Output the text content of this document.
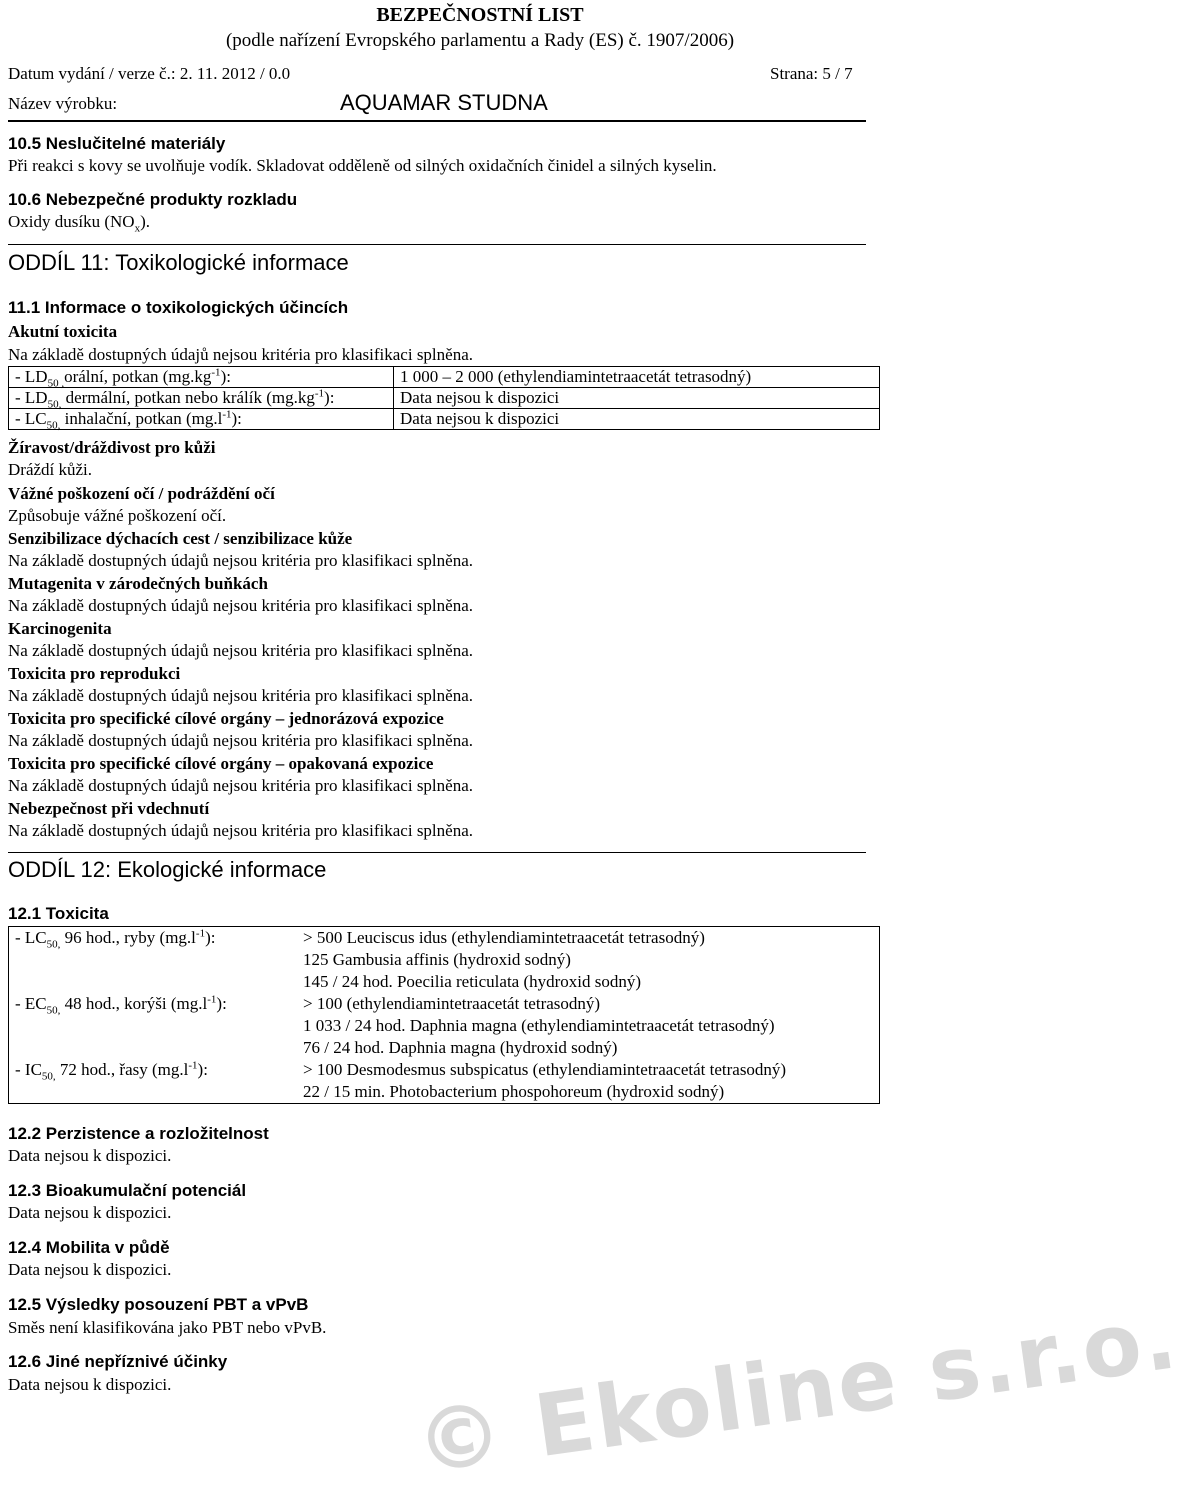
BEZPEČNOSTNÍ LIST
(podle nařízení Evropského parlamentu a Rady (ES) č. 1907/2006)
Datum vydání / verze č.: 2. 11. 2012 / 0.0	Strana: 5 / 7
Název výrobku:	AQUAMAR STUDNA
10.5 Neslučitelné materiály
Při reakci s kovy se uvolňuje vodík. Skladovat odděleně od silných oxidačních činidel a silných kyselin.
10.6 Nebezpečné produkty rozkladu
Oxidy dusíku $(NO_x)$.
ODDÍL 11: Toxikologické informace
11.1 Informace o toxikologických účincích
Akutní toxicita
Na základě dostupných údajů nejsou kritéria pro klasifikaci splněna.
- $LD_{50 ,}orá\ln í$, potkan $(mg.kg^{-1})$:	1 000 – 2 000 (ethylendiamintetraacetát tetrasodný)
- $LD_{50,}$ dermální, potkan nebo králík $(mg.kg^{-1})$:	Data nejsou k dispozici
- $LC_{50,}$ inhalační, potkan $(mg.l^{-1})$:	Data nejsou k dispozici
Žíravost/dráždivost pro kůži
Dráždí kůži.
Vážné poškození očí / podráždění očí
Způsobuje vážné poškození očí.
Senzibilizace dýchacích cest / senzibilizace kůže
Na základě dostupných údajů nejsou kritéria pro klasifikaci splněna.
Mutagenita v zárodečných buňkách
Na základě dostupných údajů nejsou kritéria pro klasifikaci splněna.
Karcinogenita
Na základě dostupných údajů nejsou kritéria pro klasifikaci splněna.
Toxicita pro reprodukci
Na základě dostupných údajů nejsou kritéria pro klasifikaci splněna.
Toxicita pro specifické cílové orgány – jednorázová expozice
Na základě dostupných údajů nejsou kritéria pro klasifikaci splněna.
Toxicita pro specifické cílové orgány – opakovaná expozice
Na základě dostupných údajů nejsou kritéria pro klasifikaci splněna.
Nebezpečnost při vdechnutí
Na základě dostupných údajů nejsou kritéria pro klasifikaci splněna.
ODDÍL 12: Ekologické informace
12.1 Toxicita
- $LC_{50,}$ 96 hod., ryby $(mg.l^{-1})$:	> 500 Leuciscus idus (ethylendiamintetraacetát tetrasodný)
125 Gambusia affinis (hydroxid sodný)
145 / 24 hod. Poecilia reticulata (hydroxid sodný)

- $EC_{50,}$ 48 hod., korýši $(mg.l^{-1})$:	> 100 (ethylendiamintetraacetát tetrasodný)
1 033 / 24 hod. Daphnia magna (ethylendiamintetraacetát tetrasodný)
76 / 24 hod. Daphnia magna (hydroxid sodný)

- $IC_{50,}$ 72 hod., řasy $(mg.l^{-1})$:	> 100 Desmodesmus subspicatus (ethylendiamintetraacetát tetrasodný)
22 / 15 min. Photobacterium phospohoreum (hydroxid sodný)
12.2 Perzistence a rozložitelnost
Data nejsou k dispozici.
12.3 Bioakumulační potenciál
Data nejsou k dispozici.
12.4 Mobilita v půdě
Data nejsou k dispozici.
12.5 Výsledky posouzení PBT a vPvB
Směs není klasifikována jako PBT nebo vPvB.
12.6 Jiné nepříznivé účinky
Data nejsou k dispozici.	© Ekoline s.r.o.
